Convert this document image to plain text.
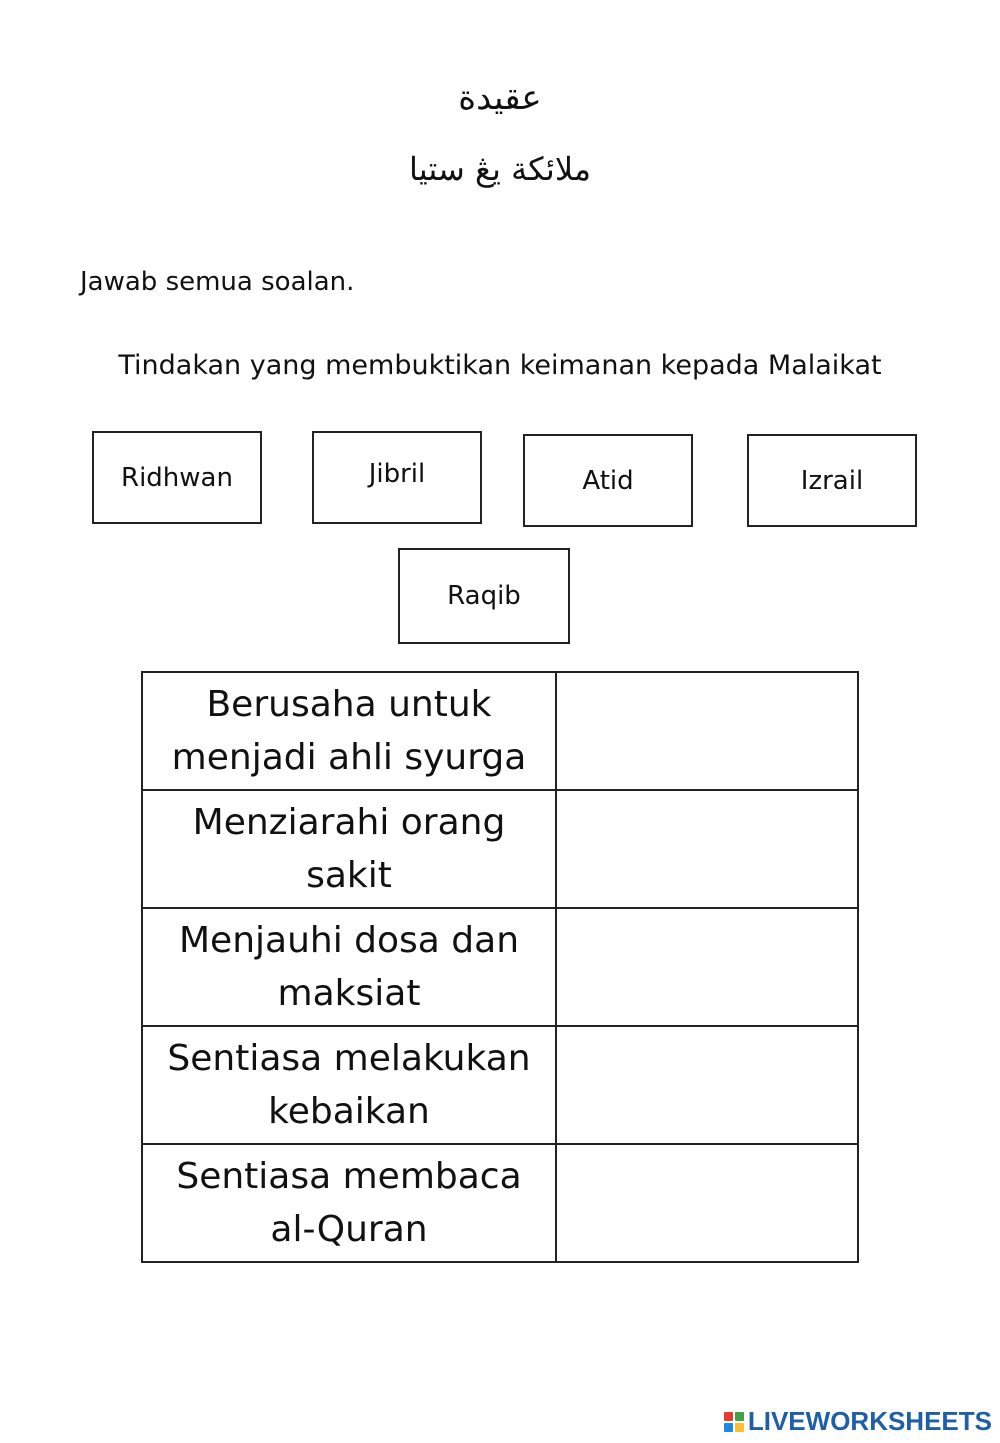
عقيدة
ملائكة يڠ ستيا
Jawab semua soalan.
Tindakan yang membuktikan keimanan kepada Malaikat
Ridhwan	Jibril	Atid	Izrail
Raqib
Berusaha untuk menjadi ahli syurga	
Menziarahi orang sakit	
Menjauhi dosa dan maksiat	
Sentiasa melakukan kebaikan	
Sentiasa membaca al-Quran	
LIVEWORKSHEETS
